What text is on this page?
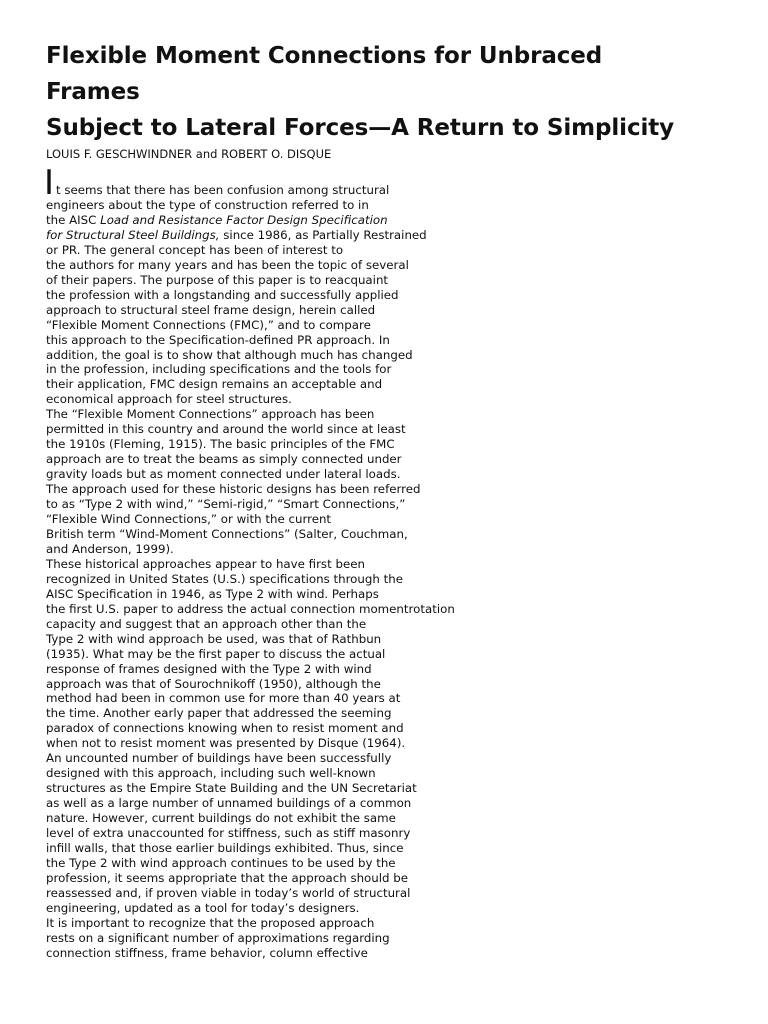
Flexible Moment Connections for Unbraced
Frames
Subject to Lateral Forces—A Return to Simplicity

LOUIS F. GESCHWINDNER and ROBERT O. DISQUE

I t seems that there has been confusion among structural
engineers about the type of construction referred to in
the AISC Load and Resistance Factor Design Specification
for Structural Steel Buildings, since 1986, as Partially Restrained
or PR. The general concept has been of interest to
the authors for many years and has been the topic of several
of their papers. The purpose of this paper is to reacquaint
the profession with a longstanding and successfully applied
approach to structural steel frame design, herein called
“Flexible Moment Connections (FMC),” and to compare
this approach to the Specification-defined PR approach. In
addition, the goal is to show that although much has changed
in the profession, including specifications and the tools for
their application, FMC design remains an acceptable and
economical approach for steel structures.
The “Flexible Moment Connections” approach has been
permitted in this country and around the world since at least
the 1910s (Fleming, 1915). The basic principles of the FMC
approach are to treat the beams as simply connected under
gravity loads but as moment connected under lateral loads.
The approach used for these historic designs has been referred
to as “Type 2 with wind,” “Semi-rigid,” “Smart Connections,”
“Flexible Wind Connections,” or with the current
British term “Wind-Moment Connections” (Salter, Couchman,
and Anderson, 1999).
These historical approaches appear to have first been
recognized in United States (U.S.) specifications through the
AISC Specification in 1946, as Type 2 with wind. Perhaps
the first U.S. paper to address the actual connection momentrotation
capacity and suggest that an approach other than the
Type 2 with wind approach be used, was that of Rathbun
(1935). What may be the first paper to discuss the actual
response of frames designed with the Type 2 with wind
approach was that of Sourochnikoff (1950), although the
method had been in common use for more than 40 years at
the time. Another early paper that addressed the seeming
paradox of connections knowing when to resist moment and
when not to resist moment was presented by Disque (1964).
An uncounted number of buildings have been successfully
designed with this approach, including such well-known
structures as the Empire State Building and the UN Secretariat
as well as a large number of unnamed buildings of a common
nature. However, current buildings do not exhibit the same
level of extra unaccounted for stiffness, such as stiff masonry
infill walls, that those earlier buildings exhibited. Thus, since
the Type 2 with wind approach continues to be used by the
profession, it seems appropriate that the approach should be
reassessed and, if proven viable in today’s world of structural
engineering, updated as a tool for today’s designers.
It is important to recognize that the proposed approach
rests on a significant number of approximations regarding
connection stiffness, frame behavior, column effective
